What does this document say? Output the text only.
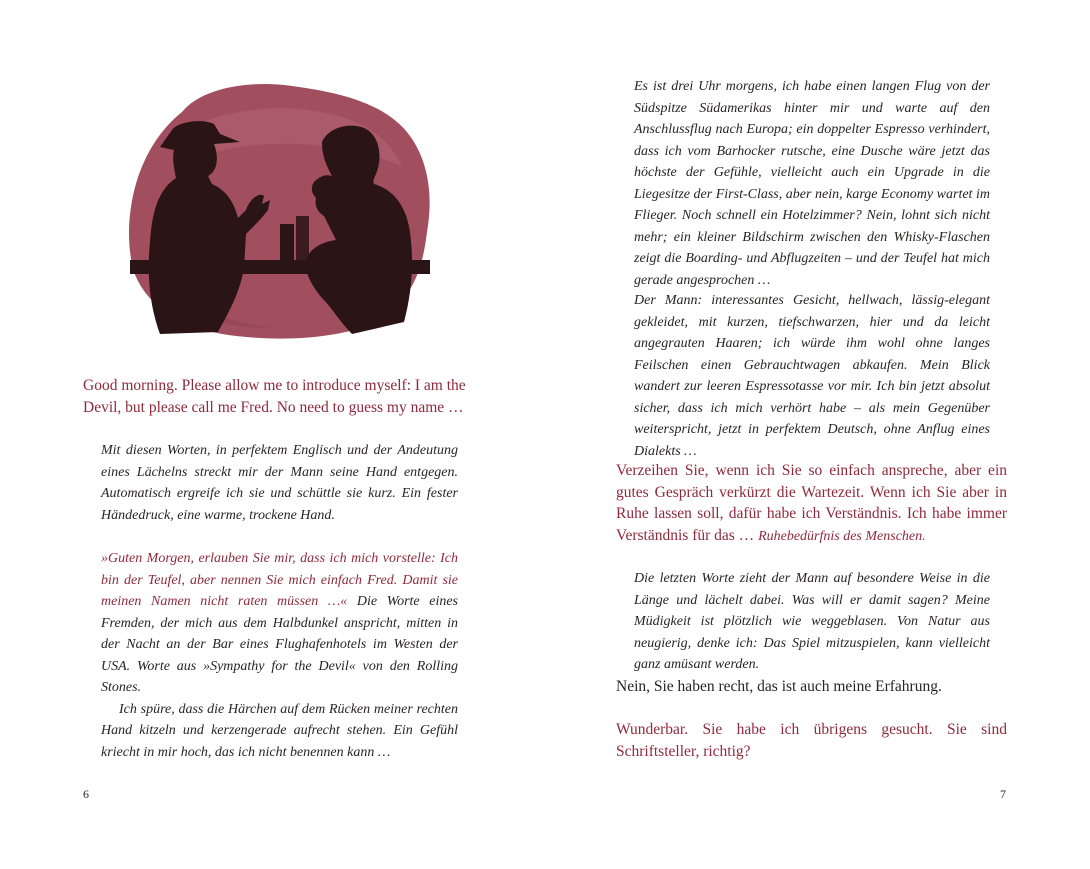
Good morning. Please allow me to introduce myself: I am the Devil, but please call me Fred. No need to guess my name …

Mit diesen Worten, in perfektem Englisch und der Andeutung eines Lächelns streckt mir der Mann seine Hand entgegen. Automatisch ergreife ich sie und schüttle sie kurz. Ein fester Händedruck, eine warme, trockene Hand.

»Guten Morgen, erlauben Sie mir, dass ich mich vorstelle: Ich bin der Teufel, aber nennen Sie mich einfach Fred. Damit sie meinen Namen nicht raten müssen …« Die Worte eines Fremden, der mich aus dem Halbdunkel anspricht, mitten in der Nacht an der Bar eines Flughafenhotels im Westen der USA. Worte aus »Sympathy for the Devil« von den Rolling Stones.
Ich spüre, dass die Härchen auf dem Rücken meiner rechten Hand kitzeln und kerzengerade aufrecht stehen. Ein Gefühl kriecht in mir hoch, das ich nicht benennen kann …
6

Es ist drei Uhr morgens, ich habe einen langen Flug von der Südspitze Südamerikas hinter mir und warte auf den Anschlussflug nach Europa; ein doppelter Espresso verhindert, dass ich vom Barhocker rutsche, eine Dusche wäre jetzt das höchste der Gefühle, vielleicht auch ein Upgrade in die Liegesitze der First-Class, aber nein, karge Economy wartet im Flieger. Noch schnell ein Hotelzimmer? Nein, lohnt sich nicht mehr; ein kleiner Bildschirm zwischen den Whisky-Flaschen zeigt die Boarding- und Abflugzeiten – und der Teufel hat mich gerade angesprochen …

Der Mann: interessantes Gesicht, hellwach, lässig-elegant gekleidet, mit kurzen, tiefschwarzen, hier und da leicht angegrauten Haaren; ich würde ihm wohl ohne langes Feilschen einen Gebrauchtwagen abkaufen. Mein Blick wandert zur leeren Espressotasse vor mir. Ich bin jetzt absolut sicher, dass ich mich verhört habe – als mein Gegenüber weiterspricht, jetzt in perfektem Deutsch, ohne Anflug eines Dialekts …

Verzeihen Sie, wenn ich Sie so einfach anspreche, aber ein gutes Gespräch verkürzt die Wartezeit. Wenn ich Sie aber in Ruhe lassen soll, dafür habe ich Verständnis. Ich habe immer Verständnis für das … Ruhebedürfnis des Menschen.

Die letzten Worte zieht der Mann auf besondere Weise in die Länge und lächelt dabei. Was will er damit sagen? Meine Müdigkeit ist plötzlich wie weggeblasen. Von Natur aus neugierig, denke ich: Das Spiel mitzuspielen, kann vielleicht ganz amüsant werden.

Nein, Sie haben recht, das ist auch meine Erfahrung.

Wunderbar. Sie habe ich übrigens gesucht. Sie sind Schriftsteller, richtig?

7
